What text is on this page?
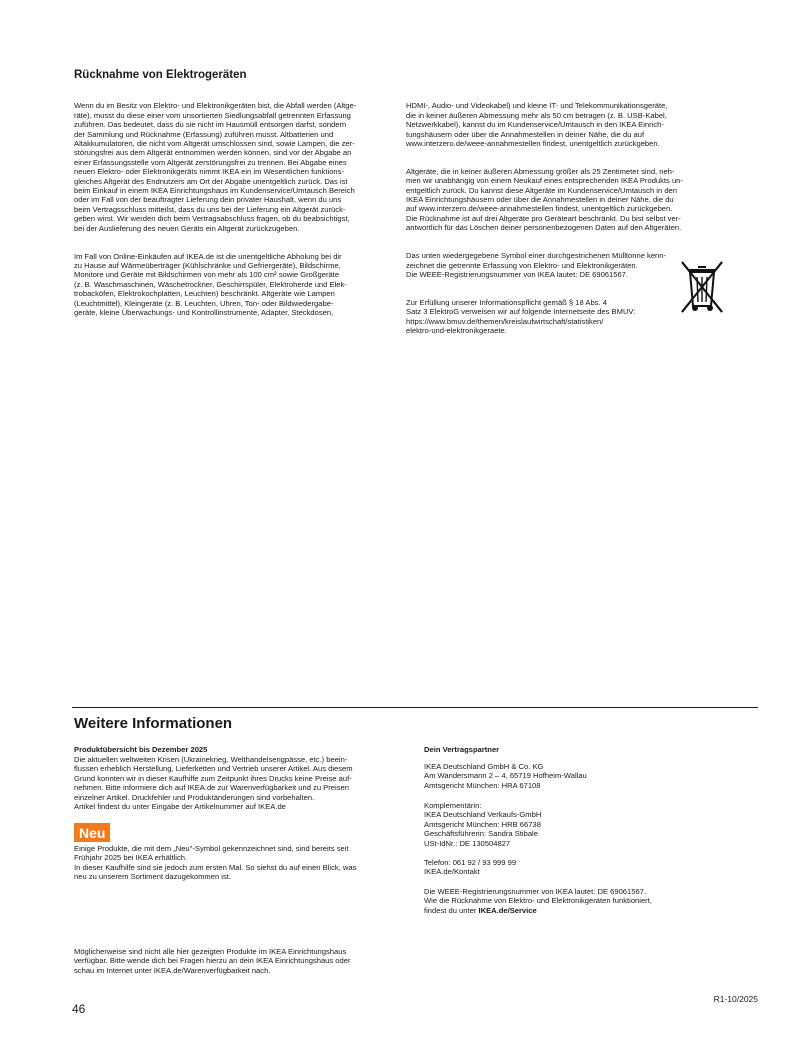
Rücknahme von Elektrogeräten

Wenn du im Besitz von Elektro- und Elektronikgeräten bist, die Abfall werden (Altge-
räte), musst du diese einer vom unsortierten Siedlungsabfall getrennten Erfassung
zuführen. Das bedeutet, dass du sie nicht im Hausmüll entsorgen darfst, sondern
der Sammlung und Rücknahme (Erfassung) zuführen musst. Altbatterien und
Altakkumulatoren, die nicht vom Altgerät umschlossen sind, sowie Lampen, die zer-
störungsfrei aus dem Altgerät entnommen werden können, sind vor der Abgabe an
einer Erfassungsstelle vom Altgerät zerstörungsfrei zu trennen. Bei Abgabe eines
neuen Elektro- oder Elektronikgeräts nimmt IKEA ein im Wesentlichen funktions-
gleiches Altgerät des Endnutzers am Ort der Abgabe unentgeltlich zurück. Das ist
beim Einkauf in einem IKEA Einrichtungshaus im Kundenservice/Umtausch Bereich
oder im Fall von der beauftragter Lieferung dein privater Haushalt, wenn du uns
beim Vertragsschluss mitteilst, dass du uns bei der Lieferung ein Altgerät zurück-
geben wirst. Wir werden dich beim Vertragsabschluss fragen, ob du beabsichtigst,
bei der Auslieferung des neuen Geräts ein Altgerät zurückzugeben.

Im Fall von Online-Einkäufen auf IKEA.de ist die unentgeltliche Abholung bei dir
zu Hause auf Wärmeüberträger (Kühlschränke und Gefriergeräte), Bildschirme,
Monitore und Geräte mit Bildschirmen von mehr als 100 cm² sowie Großgeräte
(z. B. Waschmaschinen, Wäschetrockner, Geschirrspüler, Elektroherde und Elek-
trobacköfen, Elektrokochplatten, Leuchten) beschränkt. Altgeräte wie Lampen
(Leuchtmittel), Kleingeräte (z. B. Leuchten, Uhren, Ton- oder Bildwiedergabe-
geräte, kleine Überwachungs- und Kontrollinstrumente, Adapter, Steckdosen,

HDMI-, Audio- und Videokabel) und kleine IT- und Telekommunikationsgeräte,
die in keiner äußeren Abmessung mehr als 50 cm betragen (z. B. USB-Kabel,
Netzwerkkabel), kannst du im Kundenservice/Umtausch in den IKEA Einrich-
tungshäusern oder über die Annahmestellen in deiner Nähe, die du auf
www.interzero.de/weee-annahmestellen findest, unentgeltlich zurückgeben.

Altgeräte, die in keiner äußeren Abmessung größer als 25 Zentimeter sind, neh-
men wir unabhängig von einem Neukauf eines entsprechenden IKEA Produkts un-
entgeltlich zurück. Du kannst diese Altgeräte im Kundenservice/Umtausch in den
IKEA Einrichtungshäusern oder über die Annahmestellen in deiner Nähe, die du
auf www.interzero.de/weee-annahmestellen findest, unentgeltlich zurückgeben.
Die Rücknahme ist auf drei Altgeräte pro Geräteart beschränkt. Du bist selbst ver-
antwortlich für das Löschen deiner personenbezogenen Daten auf den Altgeräten.

Das unten wiedergegebene Symbol einer durchgestrichenen Mülltonne kenn-
zeichnet die getrennte Erfassung von Elektro- und Elektronikgeräten.
Die WEEE-Registrierungsnummer von IKEA lautet: DE 69061567.

Zur Erfüllung unserer Informationspflicht gemäß § 18 Abs. 4
Satz 3 ElektroG verweisen wir auf folgende Internetseite des BMUV:
https://www.bmuv.de/themen/kreislaufwirtschaft/statistiken/
elektro-und-elektronikgeraete.

Weitere Informationen
Produktübersicht bis Dezember 2025
Die aktuellen weltweiten Krisen (Ukrainekrieg, Welthandelsengpässe, etc.) beein-
flussen erheblich Herstellung, Lieferketten und Vertrieb unserer Artikel. Aus diesem
Grund konnten wir in dieser Kaufhilfe zum Zeitpunkt ihres Drucks keine Preise auf-
nehmen. Bitte informiere dich auf IKEA.de zur Warenverfügbarkeit und zu Preisen
einzelner Artikel. Druckfehler und Produktänderungen sind vorbehalten.
Artikel findest du unter Eingabe der Artikelnummer auf IKEA.de
Neu
Einige Produkte, die mit dem „Neu"-Symbol gekennzeichnet sind, sind bereits seit
Frühjahr 2025 bei IKEA erhältlich.
In dieser Kaufhilfe sind sie jedoch zum ersten Mal. So siehst du auf einen Blick, was
neu zu unserem Sortiment dazugekommen ist.
Dein Vertragspartner
IKEA Deutschland GmbH & Co. KG
Am Wandersmann 2 – 4, 65719 Hofheim-Wallau
Amtsgericht München: HRA 67108
Komplementärin:
IKEA Deutschland Verkaufs-GmbH
Amtsgericht München: HRB 66738
Geschäftsführerin: Sandra Stibale
USt-IdNr.: DE 130504827
Telefon: 061 92 / 93 999 99
IKEA.de/Kontakt
Die WEEE-Registrierungsnummer von IKEA lautet: DE 69061567.
Wie die Rücknahme von Elektro- und Elektronikgeräten funktioniert,
findest du unter IKEA.de/Service
Möglicherweise sind nicht alle hier gezeigten Produkte im IKEA Einrichtungshaus
verfügbar. Bitte wende dich bei Fragen hierzu an dein IKEA Einrichtungshaus oder
schau im Internet unter IKEA.de/Warenverfügbarkeit nach.
46
R1-10/2025
